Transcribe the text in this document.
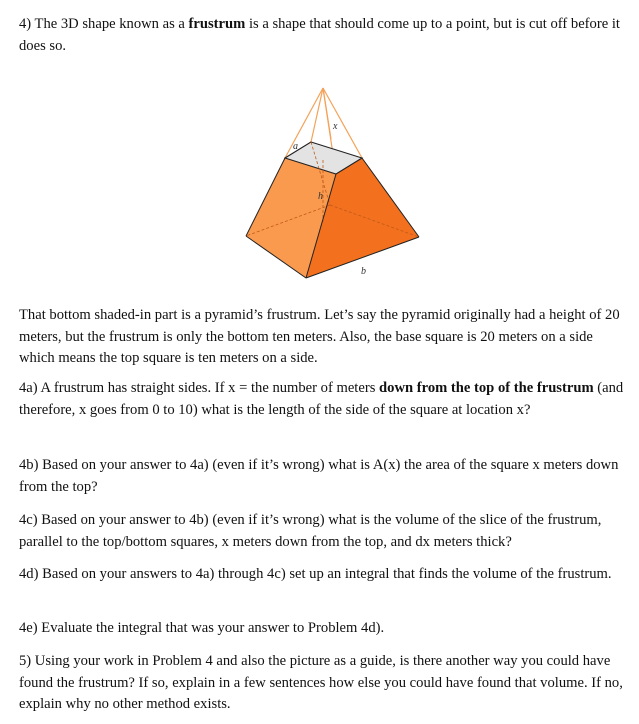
4) The 3D shape known as a frustrum is a shape that should come up to a point, but is cut off before it does so.

a
x
h
b

That bottom shaded-in part is a pyramid’s frustrum. Let’s say the pyramid originally had a height of 20 meters, but the frustrum is only the bottom ten meters. Also, the base square is 20 meters on a side which means the top square is ten meters on a side.

4a) A frustrum has straight sides. If x = the number of meters down from the top of the frustrum (and therefore, x goes from 0 to 10) what is the length of the side of the square at location x?

4b) Based on your answer to 4a) (even if it’s wrong) what is A(x) the area of the square x meters down from the top?

4c) Based on your answer to 4b) (even if it’s wrong) what is the volume of the slice of the frustrum, parallel to the top/bottom squares, x meters down from the top, and dx meters thick?

4d) Based on your answers to 4a) through 4c) set up an integral that finds the volume of the frustrum.

4e) Evaluate the integral that was your answer to Problem 4d).

5) Using your work in Problem 4 and also the picture as a guide, is there another way you could have found the frustrum? If so, explain in a few sentences how else you could have found that volume. If no, explain why no other method exists.
